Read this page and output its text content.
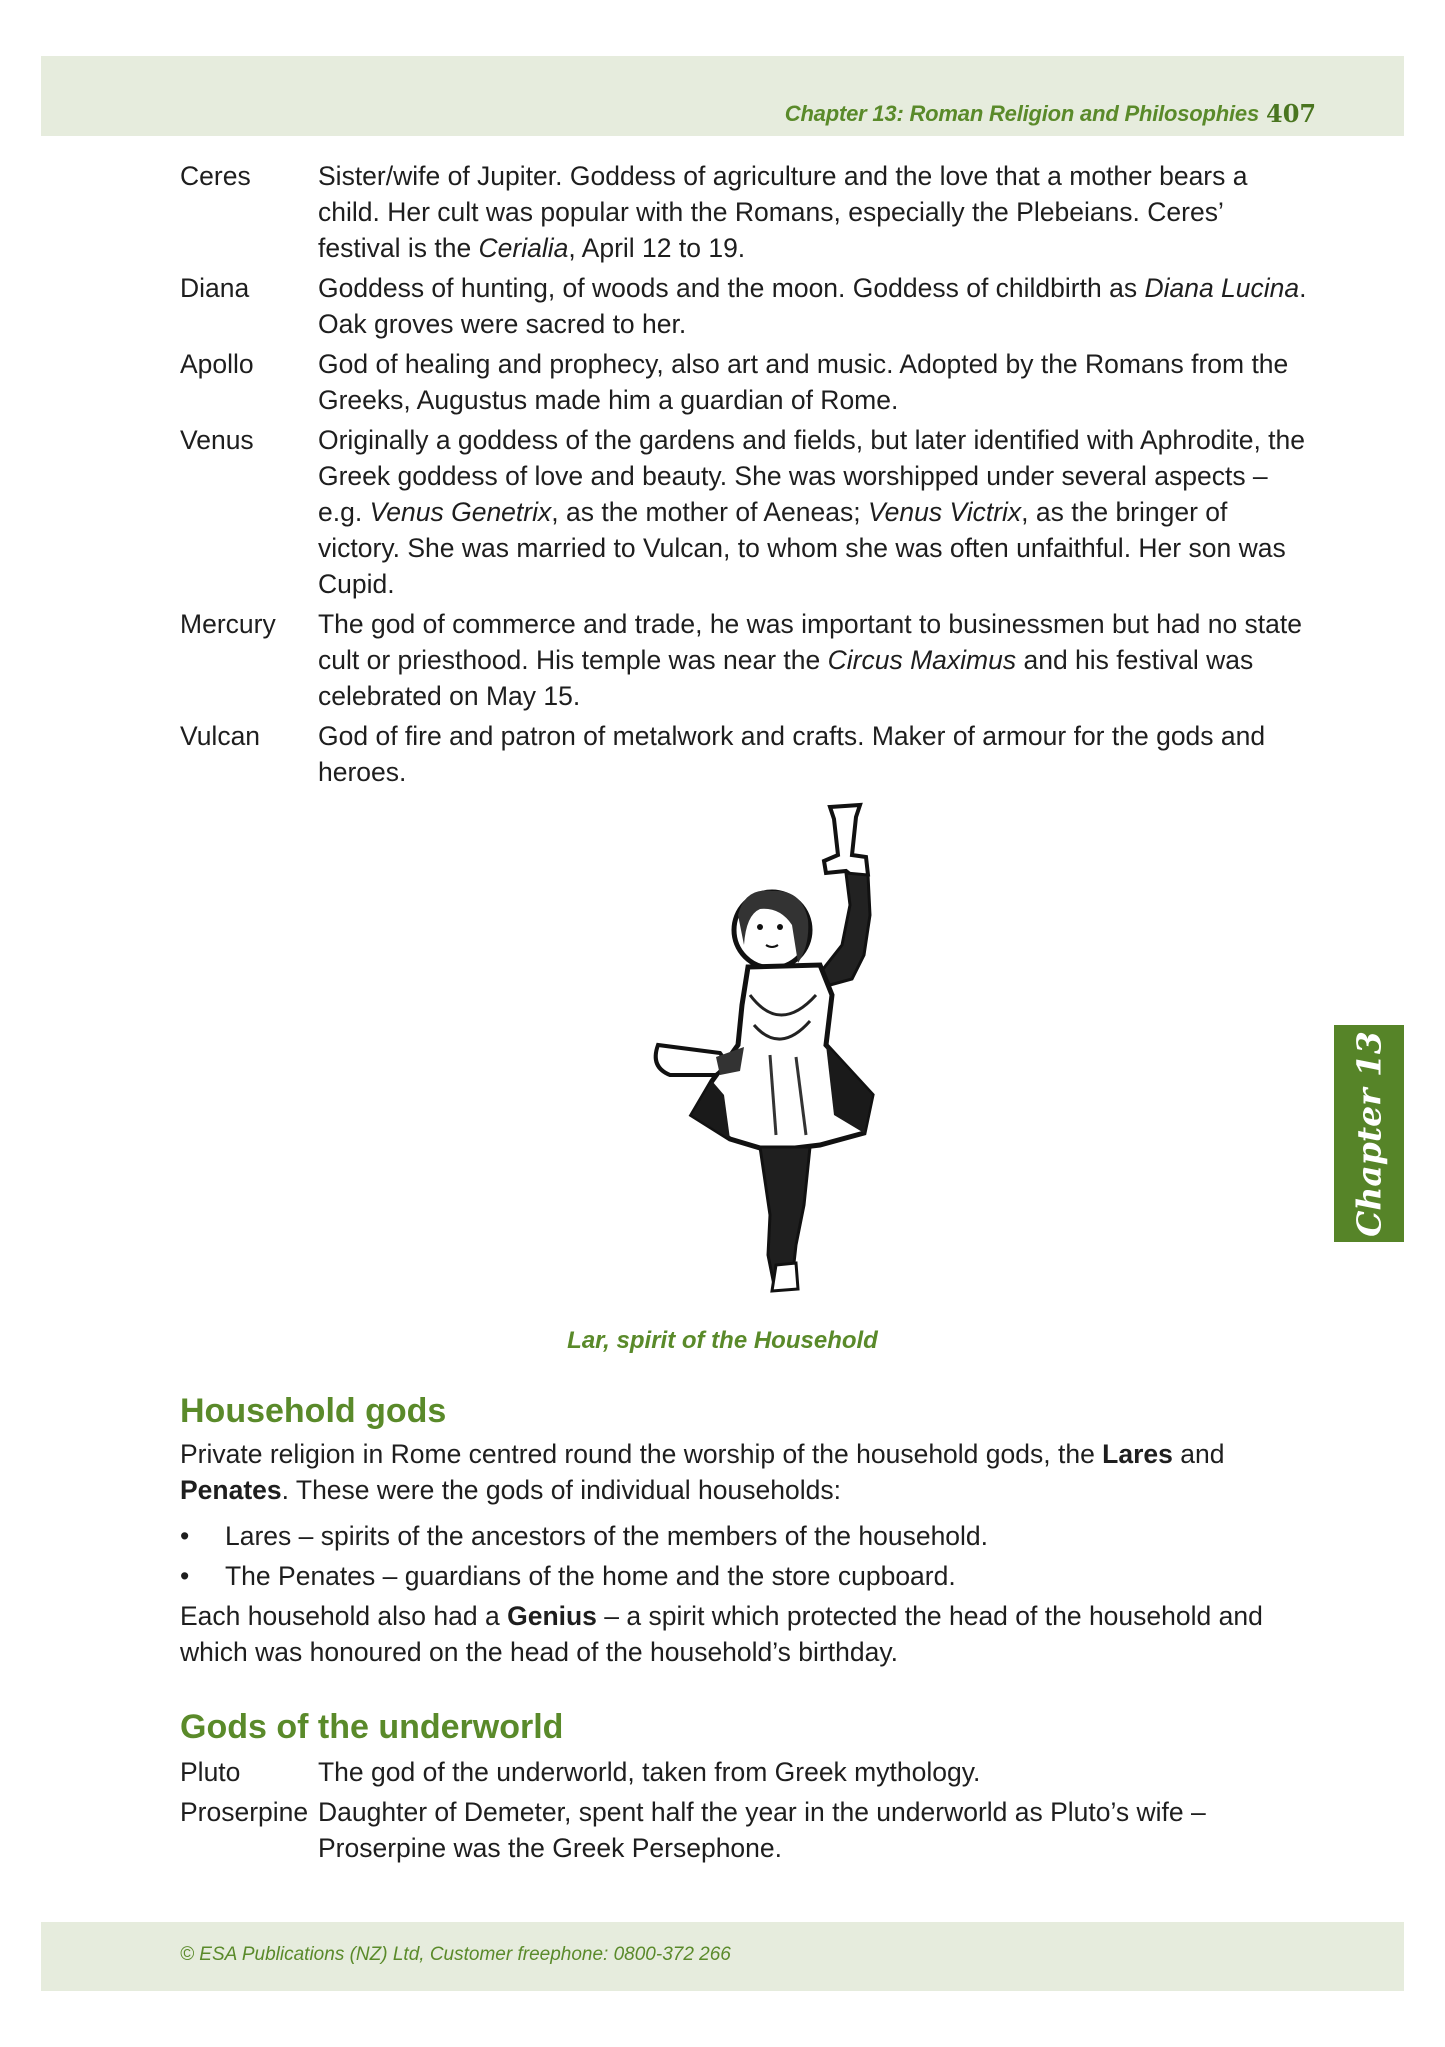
Chapter 13: Roman Religion and Philosophies 407
Ceres	Sister/wife of Jupiter. Goddess of agriculture and the love that a mother bears a child. Her cult was popular with the Romans, especially the Plebeians. Ceres’ festival is the Cerialia, April 12 to 19.
Diana	Goddess of hunting, of woods and the moon. Goddess of childbirth as Diana Lucina. Oak groves were sacred to her.
Apollo	God of healing and prophecy, also art and music. Adopted by the Romans from the Greeks, Augustus made him a guardian of Rome.
Venus	Originally a goddess of the gardens and fields, but later identified with Aphrodite, the Greek goddess of love and beauty. She was worshipped under several aspects – e.g. Venus Genetrix, as the mother of Aeneas; Venus Victrix, as the bringer of victory. She was married to Vulcan, to whom she was often unfaithful. Her son was Cupid.
Mercury	The god of commerce and trade, he was important to businessmen but had no state cult or priesthood. His temple was near the Circus Maximus and his festival was celebrated on May 15.
Vulcan	God of fire and patron of metalwork and crafts. Maker of armour for the gods and heroes.
Lar, spirit of the Household
Chapter 13
Household gods
Private religion in Rome centred round the worship of the household gods, the Lares and Penates. These were the gods of individual households:
•	Lares – spirits of the ancestors of the members of the household.
•	The Penates – guardians of the home and the store cupboard.
Each household also had a Genius – a spirit which protected the head of the household and which was honoured on the head of the household’s birthday.
Gods of the underworld
Pluto	The god of the underworld, taken from Greek mythology.
Proserpine Daughter of Demeter, spent half the year in the underworld as Pluto’s wife – Proserpine was the Greek Persephone.
© ESA Publications (NZ) Ltd, Customer freephone: 0800-372 266
